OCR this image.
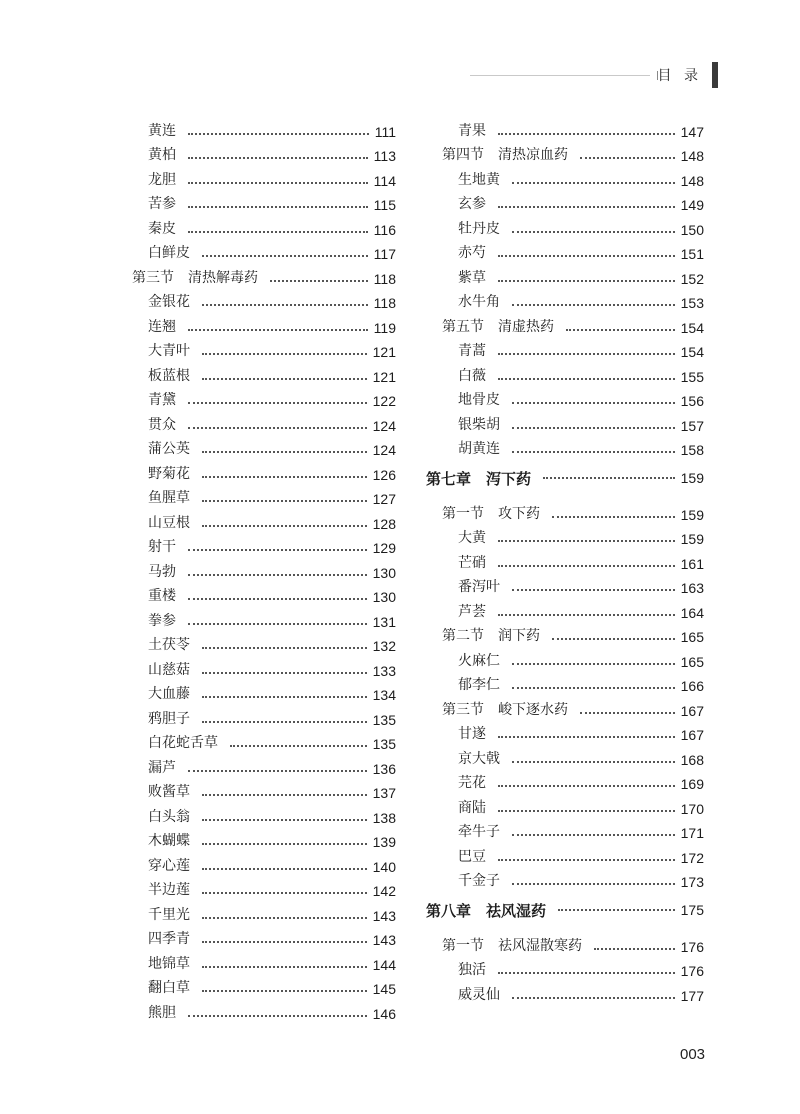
目 录
黄连	111
黄柏	113
龙胆	114
苦参	115
秦皮	116
白鲜皮	117
第三节　清热解毒药	118
金银花	118
连翘	119
大青叶	121
板蓝根	121
青黛	122
贯众	124
蒲公英	124
野菊花	126
鱼腥草	127
山豆根	128
射干	129
马勃	130
重楼	130
拳参	131
土茯苓	132
山慈菇	133
大血藤	134
鸦胆子	135
白花蛇舌草	135
漏芦	136
败酱草	137
白头翁	138
木蝴蝶	139
穿心莲	140
半边莲	142
千里光	143
四季青	143
地锦草	144
翻白草	145
熊胆	146
青果	147
第四节　清热凉血药	148
生地黄	148
玄参	149
牡丹皮	150
赤芍	151
紫草	152
水牛角	153
第五节　清虚热药	154
青蒿	154
白薇	155
地骨皮	156
银柴胡	157
胡黄连	158
第七章　泻下药	159
第一节　攻下药	159
大黄	159
芒硝	161
番泻叶	163
芦荟	164
第二节　润下药	165
火麻仁	165
郁李仁	166
第三节　峻下逐水药	167
甘遂	167
京大戟	168
芫花	169
商陆	170
牵牛子	171
巴豆	172
千金子	173
第八章　祛风湿药	175
第一节　祛风湿散寒药	176
独活	176
威灵仙	177
003
